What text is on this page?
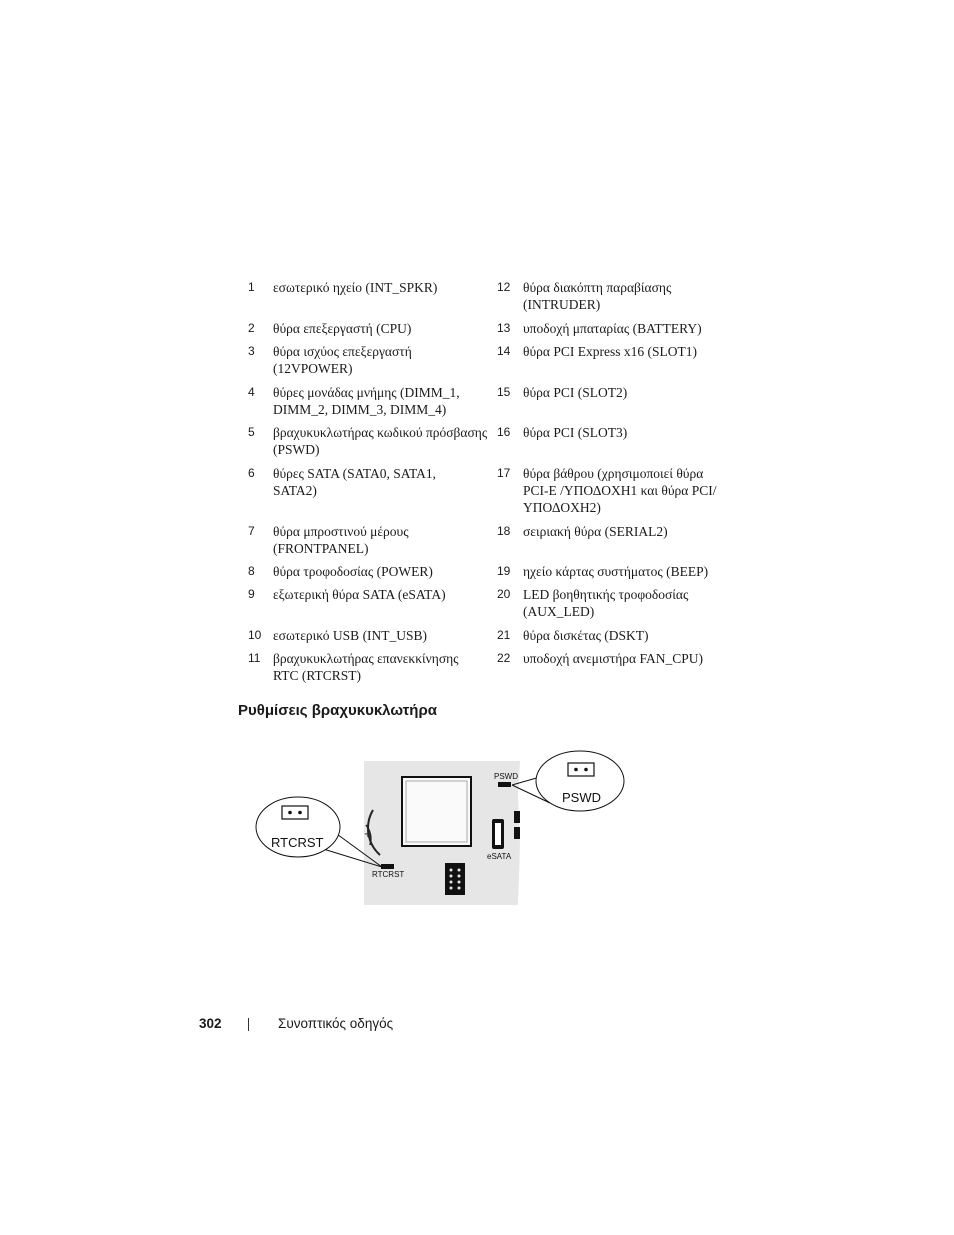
1 εσωτερικό ηχείο (INT_SPKR)
2 θύρα επεξεργαστή (CPU)
3 θύρα ισχύος επεξεργαστή (12VPOWER)
4 θύρες μονάδας μνήμης (DIMM_1, DIMM_2, DIMM_3, DIMM_4)
5 βραχυκυκλωτήρας κωδικού πρόσβασης (PSWD)
6 θύρες SATA (SATA0, SATA1, SATA2)
7 θύρα μπροστινού μέρους (FRONTPANEL)
8 θύρα τροφοδοσίας (POWER)
9 εξωτερική θύρα SATA (eSATA)
10 εσωτερικό USB (INT_USB)
11 βραχυκυκλωτήρας επανεκκίνησης RTC (RTCRST)
12 θύρα διακόπτη παραβίασης (INTRUDER)
13 υποδοχή μπαταρίας (BATTERY)
14 θύρα PCI Express x16 (SLOT1)
15 θύρα PCI (SLOT2)
16 θύρα PCI (SLOT3)
17 θύρα βάθρου (χρησιμοποιεί θύρα PCI-E /ΥΠΟΔΟΧΗ1 και θύρα PCI/ΥΠΟΔΟΧΗ2)
18 σειριακή θύρα (SERIAL2)
19 ηχείο κάρτας συστήματος (BEEP)
20 LED βοηθητικής τροφοδοσίας (AUX_LED)
21 θύρα δισκέτας (DSKT)
22 υποδοχή ανεμιστήρα FAN_CPU)
Ρυθμίσεις βραχυκυκλωτήρα
+
eSATA
RTCRST
PSWD
PSWD
RTCRST
302	Συνοπτικός οδηγός
